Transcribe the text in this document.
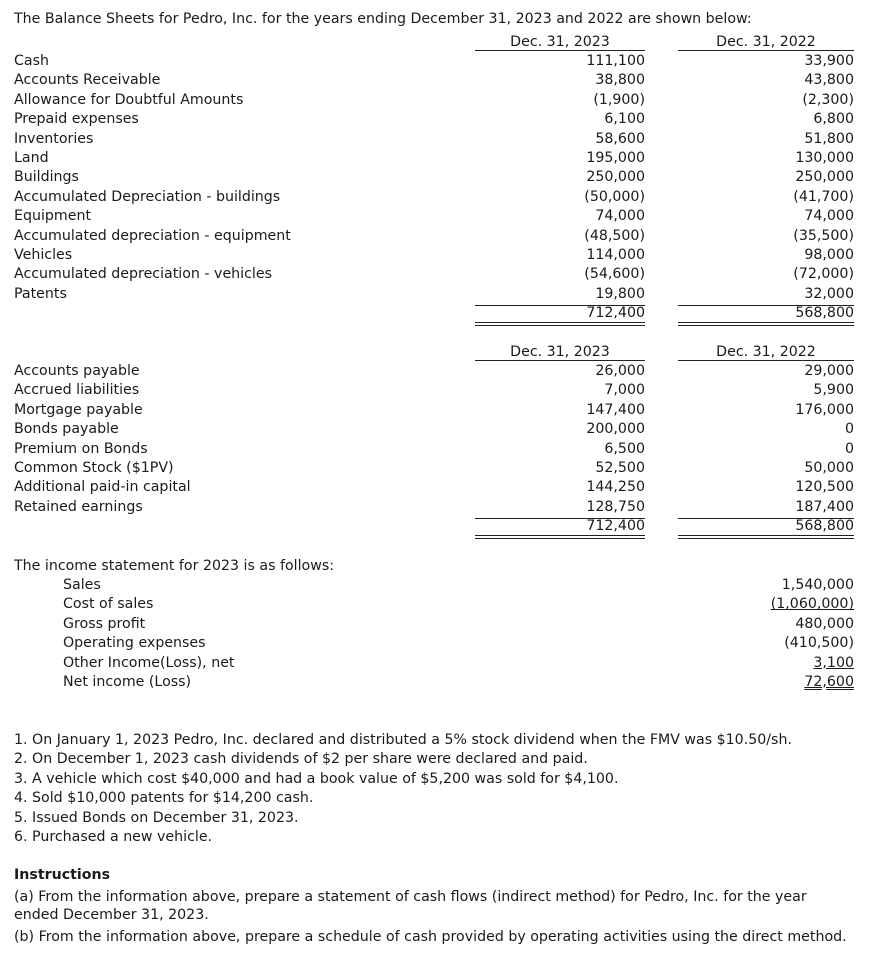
The Balance Sheets for Pedro, Inc. for the years ending December 31, 2023 and 2022 are shown below:
Dec. 31, 2023	Dec. 31, 2022
Cash	111,100	33,900
Accounts Receivable	38,800	43,800
Allowance for Doubtful Amounts	(1,900)	(2,300)
Prepaid expenses	6,100	6,800
Inventories	58,600	51,800
Land	195,000	130,000
Buildings	250,000	250,000
Accumulated Depreciation - buildings	(50,000)	(41,700)
Equipment	74,000	74,000
Accumulated depreciation - equipment	(48,500)	(35,500)
Vehicles	114,000	98,000
Accumulated depreciation - vehicles	(54,600)	(72,000)
Patents	19,800	32,000
712,400	568,800
Dec. 31, 2023	Dec. 31, 2022
Accounts payable	26,000	29,000
Accrued liabilities	7,000	5,900
Mortgage payable	147,400	176,000
Bonds payable	200,000	0
Premium on Bonds	6,500	0
Common Stock ($1PV)	52,500	50,000
Additional paid-in capital	144,250	120,500
Retained earnings	128,750	187,400
712,400	568,800
The income statement for 2023 is as follows:
Sales	1,540,000
Cost of sales	(1,060,000)
Gross profit	480,000
Operating expenses	(410,500)
Other Income(Loss), net	3,100
Net income (Loss)	72,600
1. On January 1, 2023 Pedro, Inc. declared and distributed a 5% stock dividend when the FMV was $10.50/sh.
2. On December 1, 2023 cash dividends of $2 per share were declared and paid.
3. A vehicle which cost $40,000 and had a book value of $5,200 was sold for $4,100.
4. Sold $10,000 patents for $14,200 cash.
5. Issued Bonds on December 31, 2023.
6. Purchased a new vehicle.
Instructions
(a) From the information above, prepare a statement of cash flows (indirect method) for Pedro, Inc. for the year ended December 31, 2023.
(b) From the information above, prepare a schedule of cash provided by operating activities using the direct method.
